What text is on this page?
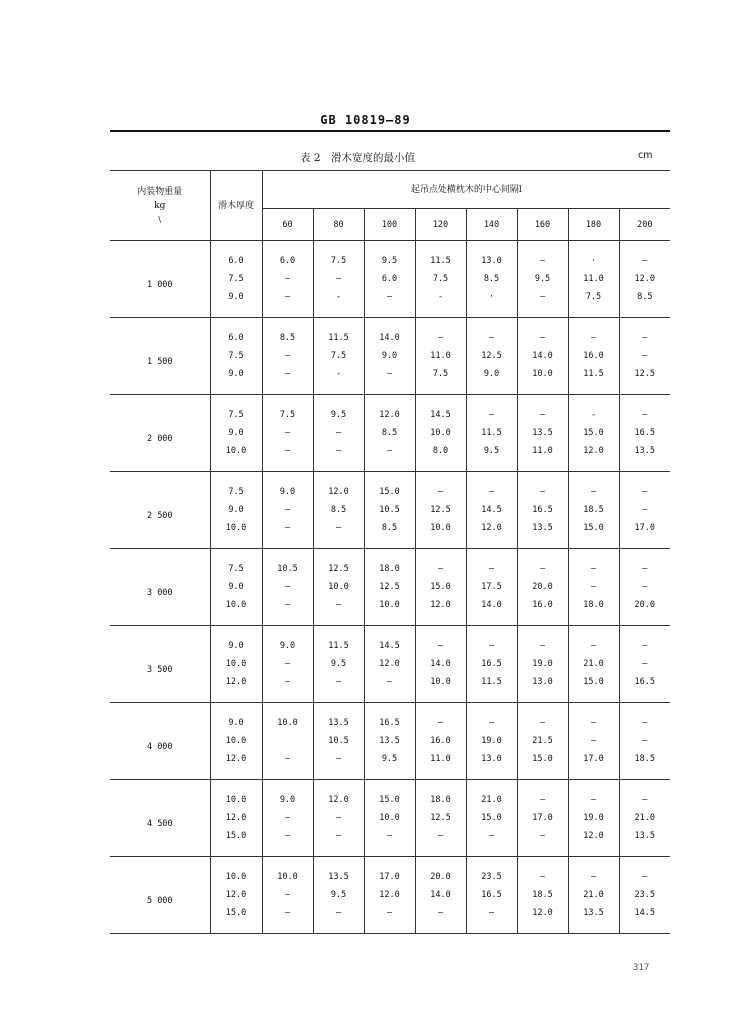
GB 10819—89
表 2　滑木宽度的最小值	cm
内装物重量
kg
\	滑木厚度	起吊点处横枕木的中心间隔l							
		60	80	100	120	140	160	180	200
1 000	6.0	6.0	7.5	9.5	11.5	13.0	—	·	—
	7.5	—	—	6.0	7.5	8.5	9.5	11.0	12.0
	9.0	—	-	—	-	·	—	7.5	8.5
1 500	6.0	8.5	11.5	14.0	—	—	—	—	—
	7.5	—	7.5	9.0	11.0	12.5	14.0	16.0	—
	9.0	—	-	—	7.5	9.0	10.0	11.5	12.5
2 000	7.5	7.5	9.5	12.0	14.5	—	—	-	—
	9.0	—	—	8.5	10.0	11.5	13.5	15.0	16.5
	10.0	—	—	—	8.0	9.5	11.0	12.0	13.5
2 500	7.5	9.0	12.0	15.0	—	—	—	—	—
	9.0	—	8.5	10.5	12.5	14.5	16.5	18.5	—
	10.0	—	—	8.5	10.0	12.0	13.5	15.0	17.0
3 000	7.5	10.5	12.5	18.0	—	—	—	—	—
	9.0	—	10.0	12.5	15.0	17.5	20.0	—	—
	10.0	—	—	10.0	12.0	14.0	16.0	18.0	20.0
3 500	9.0	9.0	11.5	14.5	—	—	—	—	—
	10.0	—	9.5	12.0	14.0	16.5	19.0	21.0	—
	12.0	—	—	—	10.0	11.5	13.0	15.0	16.5
4 000	9.0	10.0	13.5	16.5	—	—	—	—	—
	10.0		10.5	13.5	16.0	19.0	21.5	—	—
	12.0	—	—	9.5	11.0	13.0	15.0	17.0	18.5
4 500	10.0	9.0	12.0	15.0	18.0	21.0	—	—	—
	12.0	—	—	10.0	12.5	15.0	17.0	19.0	21.0
	15.0	—	—	—	—	—	—	12.0	13.5
5 000	10.0	10.0	13.5	17.0	20.0	23.5	—	—	—
	12.0	—	9.5	12.0	14.0	16.5	18.5	21.0	23.5
	15.0	—	—	—	—	—	12.0	13.5	14.5
317
